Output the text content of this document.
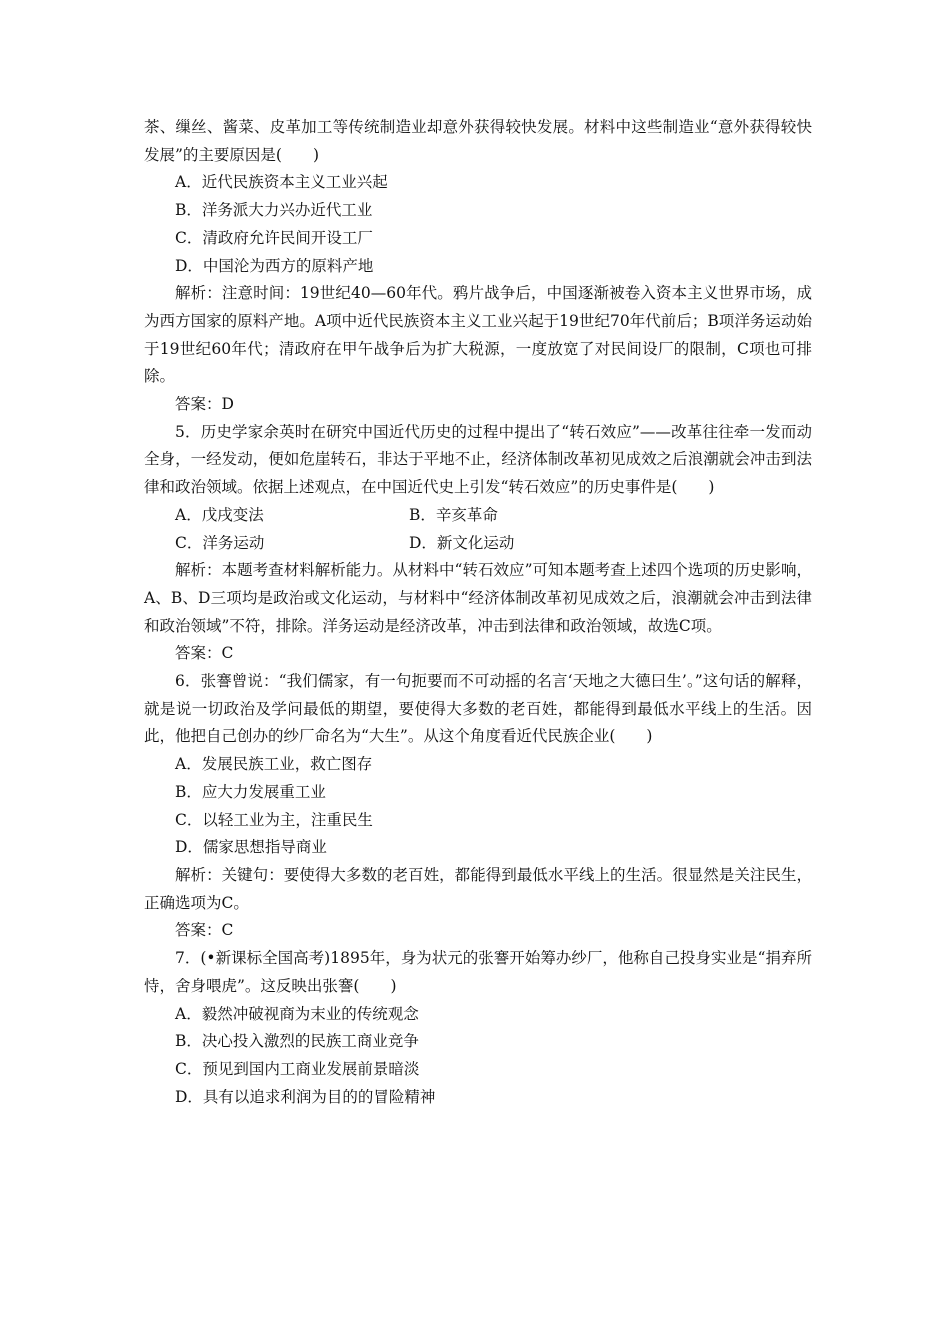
茶、缫丝、酱菜、皮革加工等传统制造业却意外获得较快发展。材料中这些制造业“意外获得较快发展”的主要原因是(　　)

A．近代民族资本主义工业兴起

B．洋务派大力兴办近代工业

C．清政府允许民间开设工厂

D．中国沦为西方的原料产地

解析：注意时间：19世纪40—60年代。鸦片战争后，中国逐渐被卷入资本主义世界市场，成为西方国家的原料产地。A项中近代民族资本主义工业兴起于19世纪70年代前后；B项洋务运动始于19世纪60年代；清政府在甲午战争后为扩大税源，一度放宽了对民间设厂的限制，C项也可排除。

答案：D

5．历史学家余英时在研究中国近代历史的过程中提出了“转石效应”——改革往往牵一发而动全身，一经发动，便如危崖转石，非达于平地不止，经济体制改革初见成效之后浪潮就会冲击到法律和政治领域。依据上述观点，在中国近代史上引发“转石效应”的历史事件是(　　)

A．戊戌变法	B．辛亥革命
C．洋务运动	D．新文化运动

解析：本题考查材料解析能力。从材料中“转石效应”可知本题考查上述四个选项的历史影响，A、B、D三项均是政治或文化运动，与材料中“经济体制改革初见成效之后，浪潮就会冲击到法律和政治领域”不符，排除。洋务运动是经济改革，冲击到法律和政治领域，故选C项。

答案：C

6．张謇曾说：“我们儒家，有一句扼要而不可动摇的名言‘天地之大德曰生’。”这句话的解释，就是说一切政治及学问最低的期望，要使得大多数的老百姓，都能得到最低水平线上的生活。因此，他把自己创办的纱厂命名为“大生”。从这个角度看近代民族企业(　　)

A．发展民族工业，救亡图存

B．应大力发展重工业

C．以轻工业为主，注重民生

D．儒家思想指导商业

解析：关键句：要使得大多数的老百姓，都能得到最低水平线上的生活。很显然是关注民生，正确选项为C。

答案：C

7．(•新课标全国高考)1895年，身为状元的张謇开始筹办纱厂，他称自己投身实业是“捐弃所恃，舍身喂虎”。这反映出张謇(　　)

A．毅然冲破视商为末业的传统观念

B．决心投入激烈的民族工商业竞争

C．预见到国内工商业发展前景暗淡

D．具有以追求利润为目的的冒险精神
